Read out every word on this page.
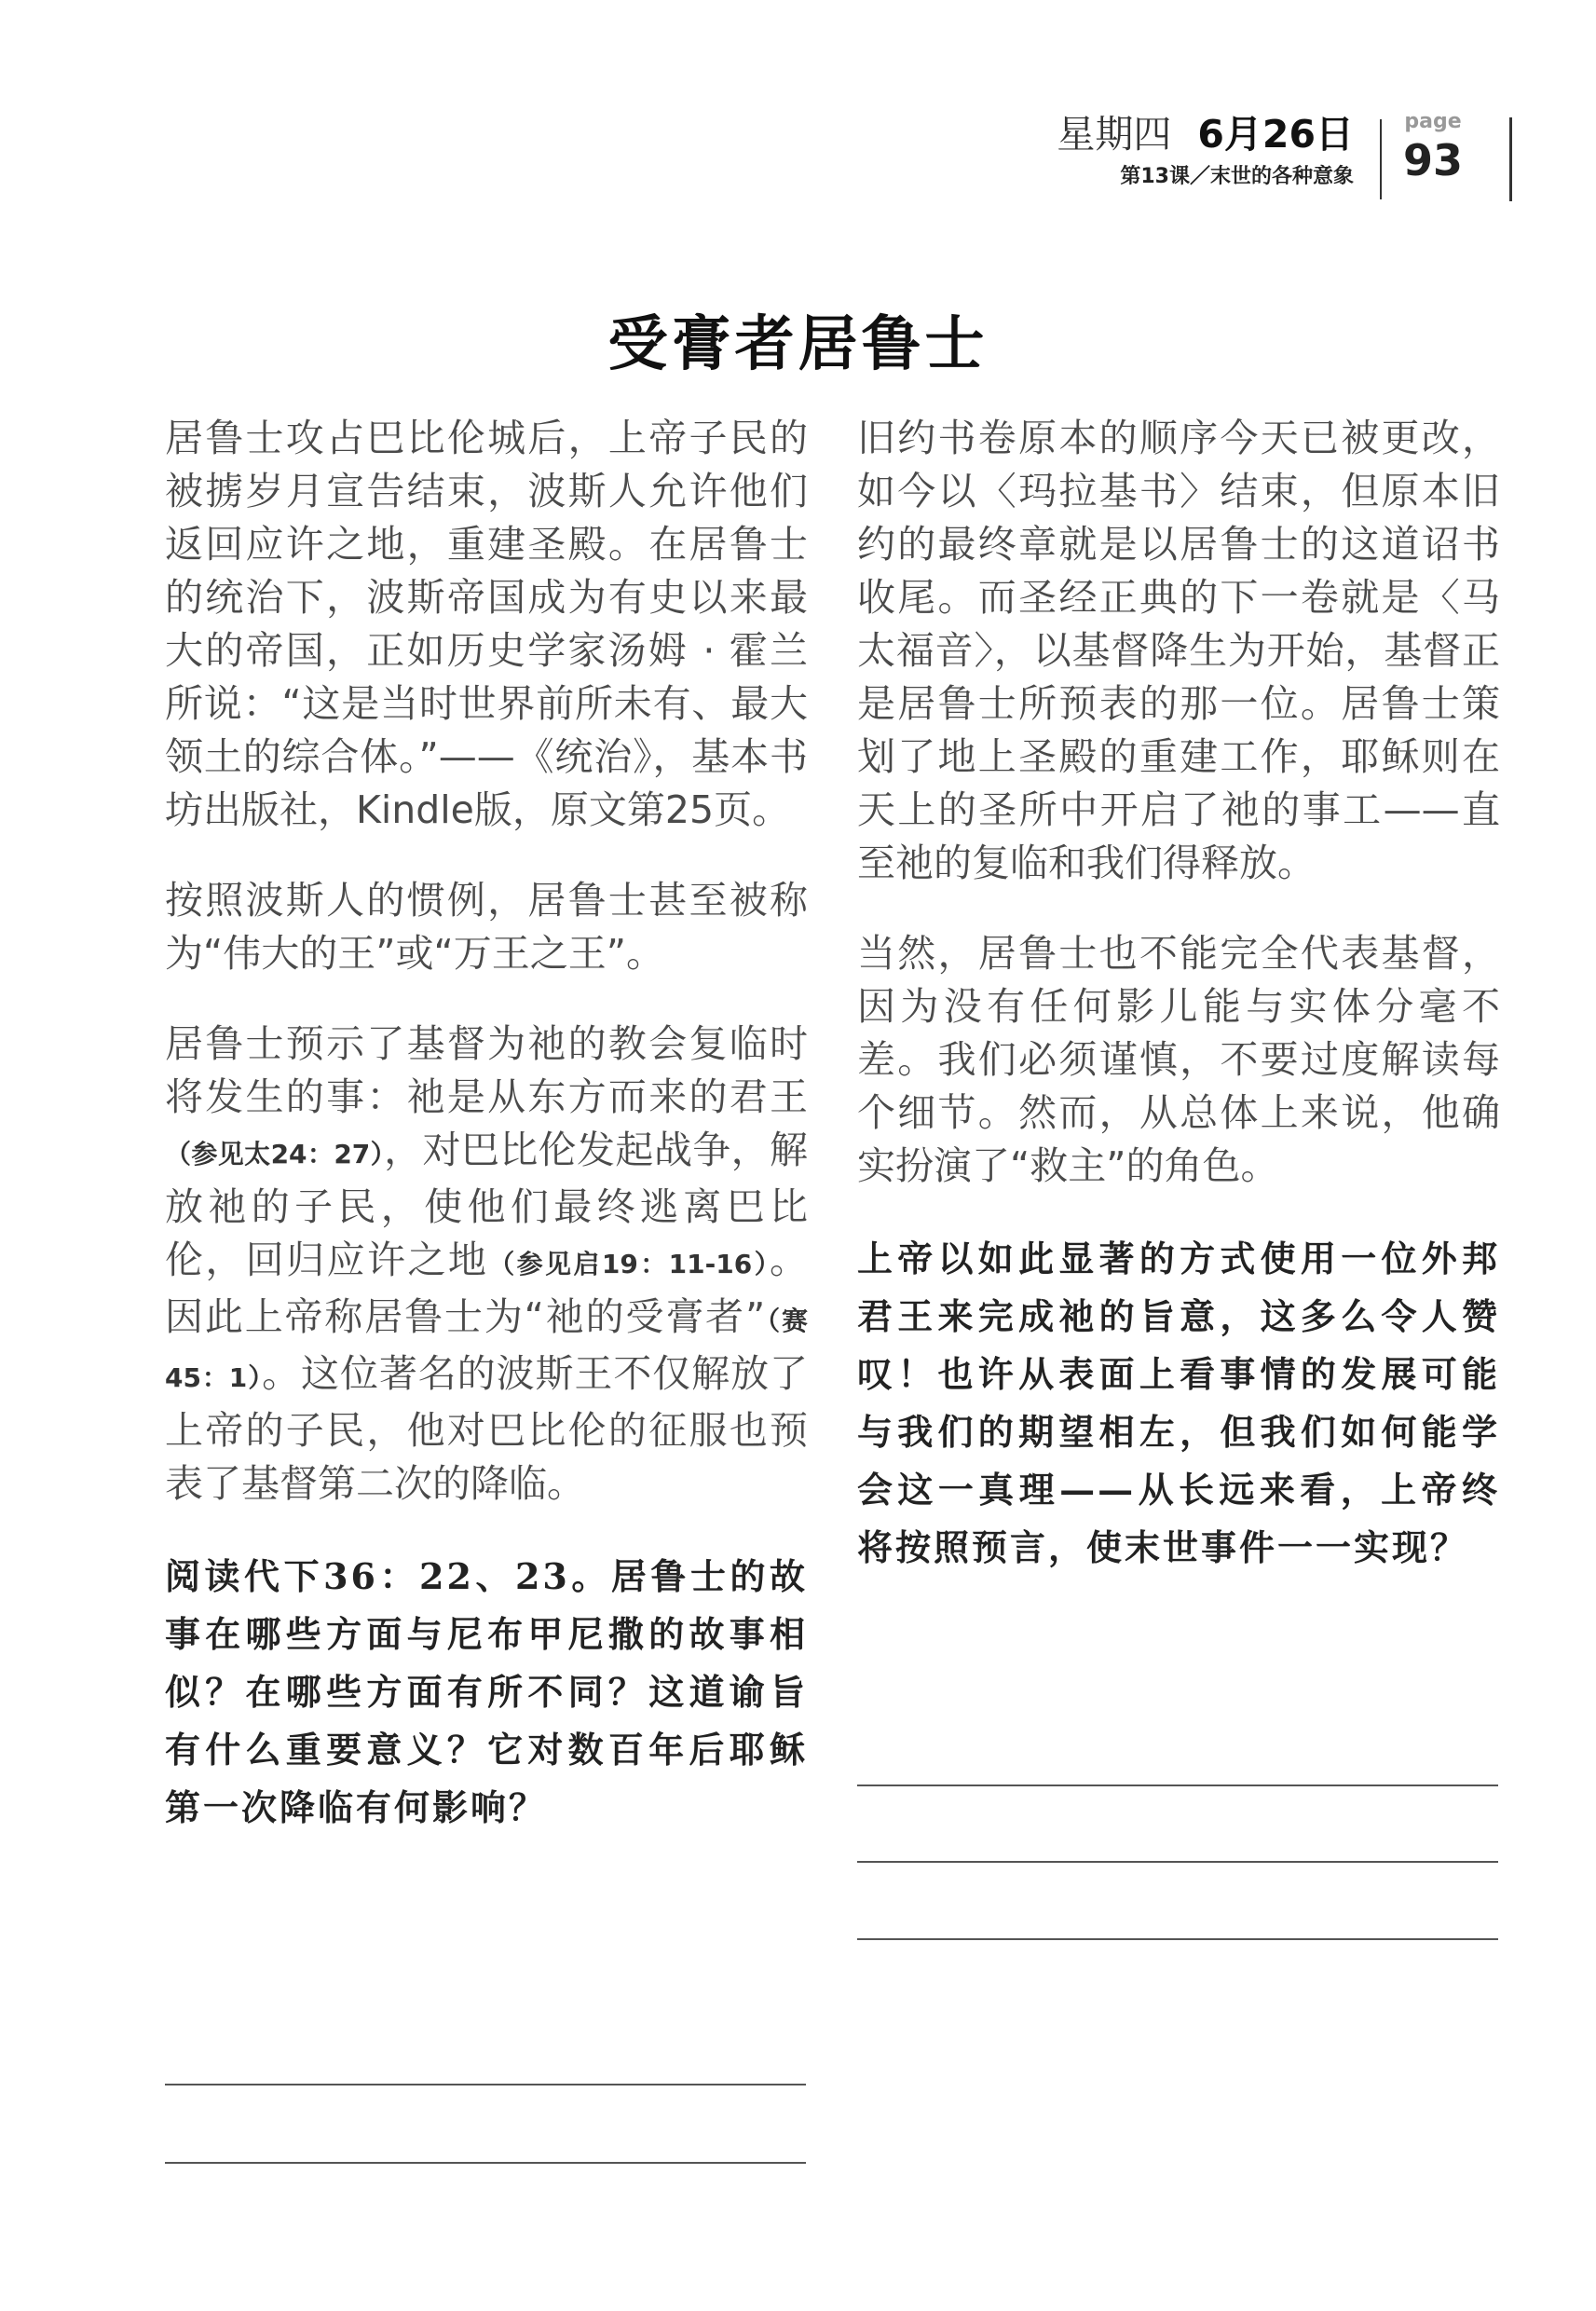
星期四 6月26日
第13课／末世的各种意象
page
93
受膏者居鲁士

居鲁士攻占巴比伦城后，上帝子民的被掳岁月宣告结束，波斯人允许他们返回应许之地，重建圣殿。在居鲁士的统治下，波斯帝国成为有史以来最大的帝国，正如历史学家汤姆 · 霍兰所说：“这是当时世界前所未有、最大领土的综合体。”——《统治》，基本书坊出版社，Kindle版，原文第25页。

按照波斯人的惯例，居鲁士甚至被称为“伟大的王”或“万王之王”。

居鲁士预示了基督为祂的教会复临时将发生的事：祂是从东方而来的君王（参见太24：27），对巴比伦发起战争，解放祂的子民，使他们最终逃离巴比伦，回归应许之地（参见启19：11-16）。因此上帝称居鲁士为“祂的受膏者”（赛45：1）。这位著名的波斯王不仅解放了上帝的子民，他对巴比伦的征服也预表了基督第二次的降临。

阅读代下36：22、23。居鲁士的故事在哪些方面与尼布甲尼撒的故事相似？在哪些方面有所不同？这道谕旨有什么重要意义？它对数百年后耶稣第一次降临有何影响？

旧约书卷原本的顺序今天已被更改，如今以〈玛拉基书〉结束，但原本旧约的最终章就是以居鲁士的这道诏书收尾。而圣经正典的下一卷就是〈马太福音〉，以基督降生为开始，基督正是居鲁士所预表的那一位。居鲁士策划了地上圣殿的重建工作，耶稣则在天上的圣所中开启了祂的事工——直至祂的复临和我们得释放。

当然，居鲁士也不能完全代表基督，因为没有任何影儿能与实体分毫不差。我们必须谨慎，不要过度解读每个细节。然而，从总体上来说，他确实扮演了“救主”的角色。

上帝以如此显著的方式使用一位外邦君王来完成祂的旨意，这多么令人赞叹！也许从表面上看事情的发展可能与我们的期望相左，但我们如何能学会这一真理——从长远来看，上帝终将按照预言，使末世事件一一实现？
